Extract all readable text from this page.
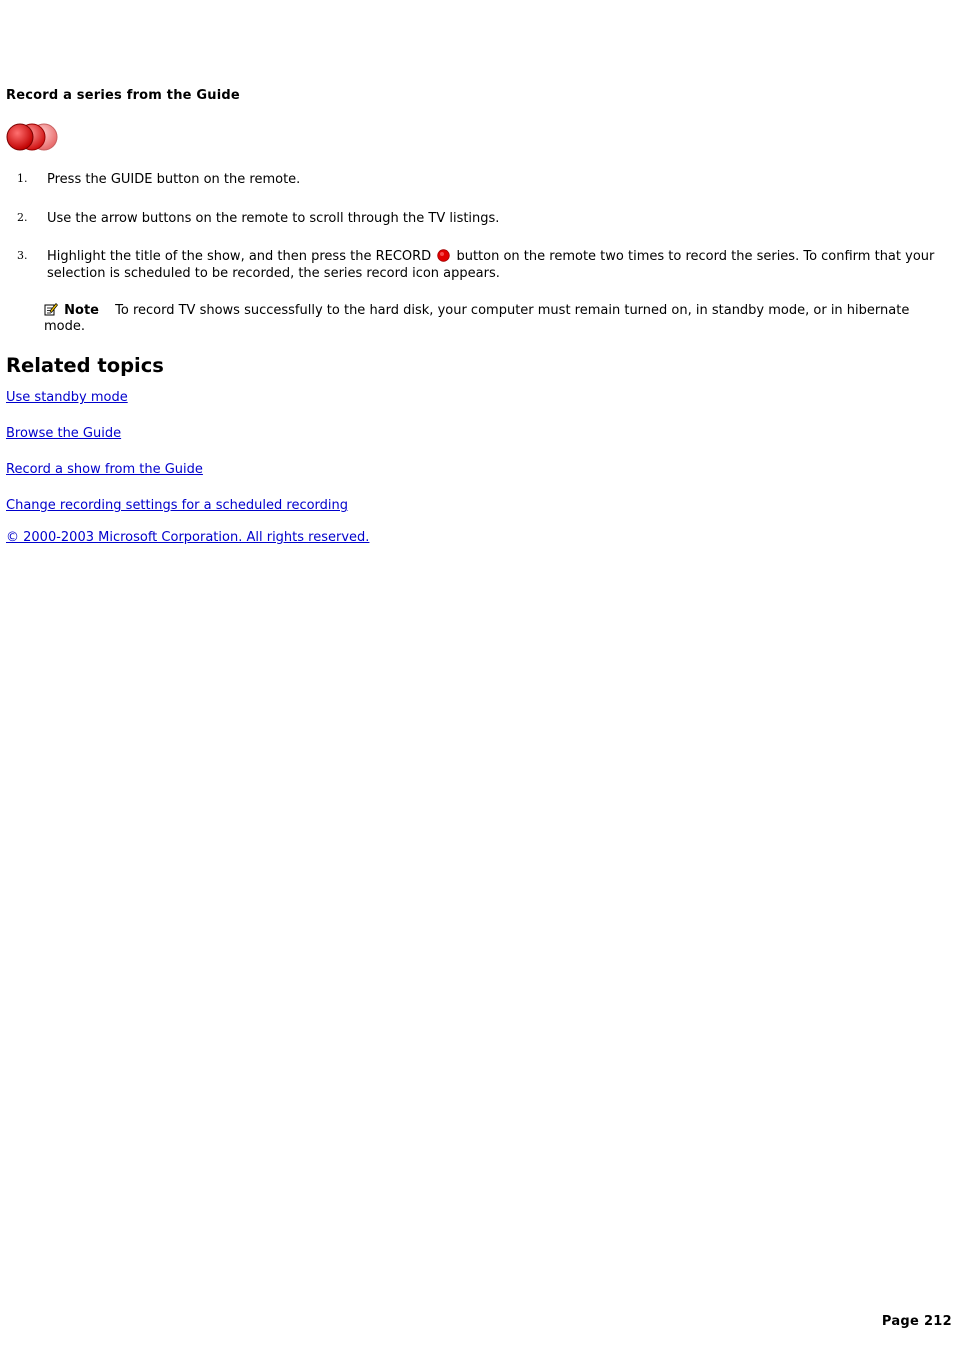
Record a series from the Guide
1. Press the GUIDE button on the remote.
2. Use the arrow buttons on the remote to scroll through the TV listings.
3. Highlight the title of the show, and then press the RECORD button on the remote two times to record the series. To confirm that your selection is scheduled to be recorded, the series record icon appears.
Note To record TV shows successfully to the hard disk, your computer must remain turned on, in standby mode, or in hibernate mode.
Related topics
Use standby mode
Browse the Guide
Record a show from the Guide
Change recording settings for a scheduled recording
© 2000-2003 Microsoft Corporation. All rights reserved.
Page 212
